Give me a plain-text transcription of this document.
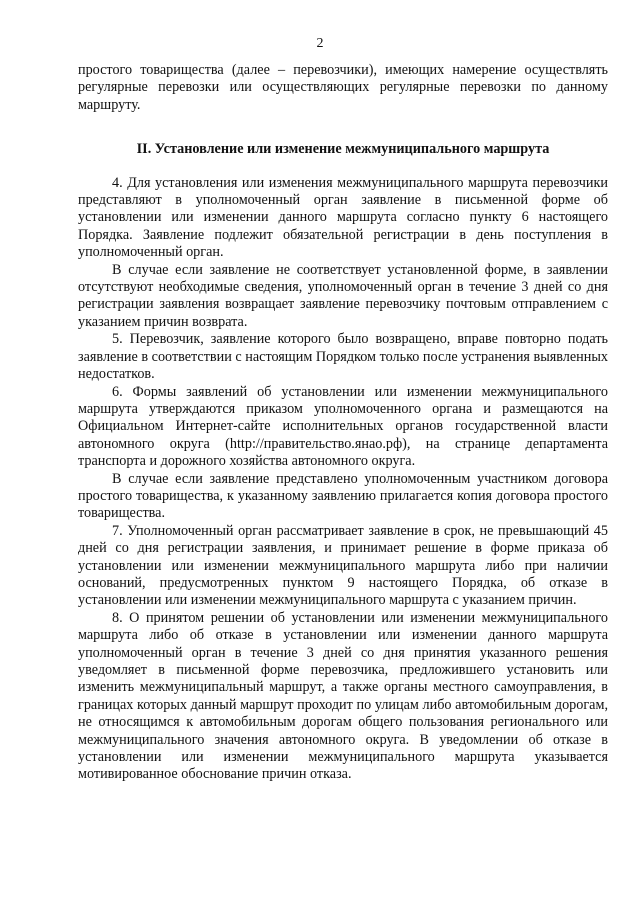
2

простого товарищества (далее – перевозчики), имеющих намерение осуществлять регулярные перевозки или осуществляющих регулярные перевозки по данному маршруту.

II. Установление или изменение межмуниципального маршрута

4. Для установления или изменения межмуниципального маршрута перевозчики представляют в уполномоченный орган заявление в письменной форме об установлении или изменении данного маршрута согласно пункту 6 настоящего Порядка. Заявление подлежит обязательной регистрации в день поступления в уполномоченный орган.

В случае если заявление не соответствует установленной форме, в заявлении отсутствуют необходимые сведения, уполномоченный орган в течение 3 дней со дня регистрации заявления возвращает заявление перевозчику почтовым отправлением с указанием причин возврата.

5. Перевозчик, заявление которого было возвращено, вправе повторно подать заявление в соответствии с настоящим Порядком только после устранения выявленных недостатков.

6. Формы заявлений об установлении или изменении межмуниципального маршрута утверждаются приказом уполномоченного органа и размещаются на Официальном Интернет-сайте исполнительных органов государственной власти автономного округа (http://правительство.янао.рф), на странице департамента транспорта и дорожного хозяйства автономного округа.

В случае если заявление представлено уполномоченным участником договора простого товарищества, к указанному заявлению прилагается копия договора простого товарищества.

7. Уполномоченный орган рассматривает заявление в срок, не превышающий 45 дней со дня регистрации заявления, и принимает решение в форме приказа об установлении или изменении межмуниципального маршрута либо при наличии оснований, предусмотренных пунктом 9 настоящего Порядка, об отказе в установлении или изменении межмуниципального маршрута с указанием причин.

8. О принятом решении об установлении или изменении межмуниципального маршрута либо об отказе в установлении или изменении данного маршрута уполномоченный орган в течение 3 дней со дня принятия указанного решения уведомляет в письменной форме перевозчика, предложившего установить или изменить межмуниципальный маршрут, а также органы местного самоуправления, в границах которых данный маршрут проходит по улицам либо автомобильным дорогам, не относящимся к автомобильным дорогам общего пользования регионального или межмуниципального значения автономного округа. В уведомлении об отказе в установлении или изменении межмуниципального маршрута указывается мотивированное обоснование причин отказа.
